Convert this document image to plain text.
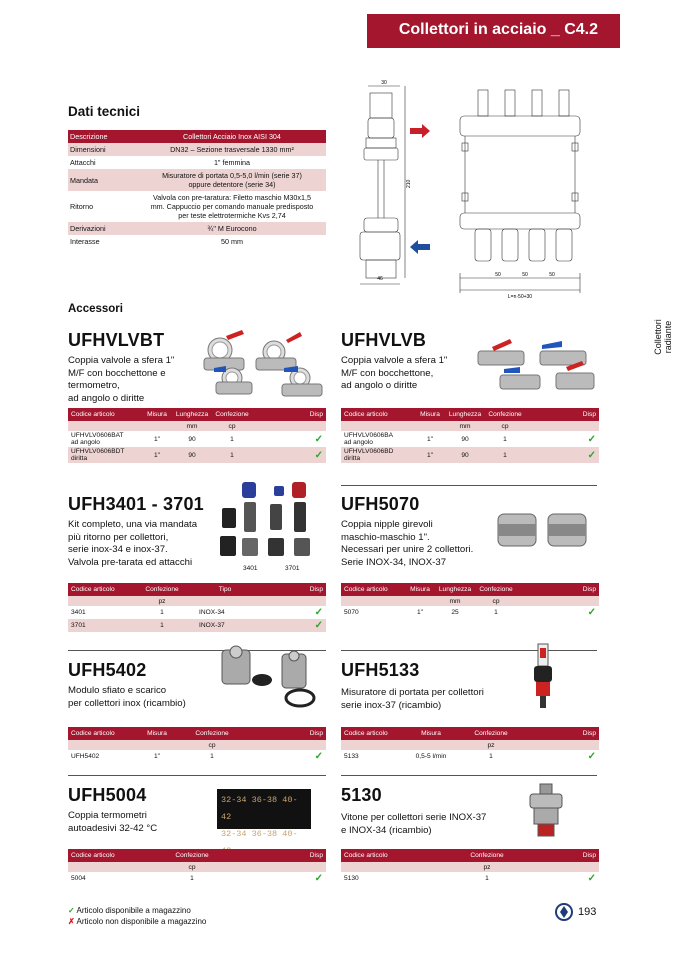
Collettori in acciaio _ C4.2
Collettori radiante
Dati tecnici
Descrizione	Collettori Acciaio Inox AISI 304
Dimensioni	DN32 – Sezione trasversale 1330 mm²
Attacchi	1" femmina
Mandata	Misuratore di portata 0,5-5,0 l/min (serie 37) oppure detentore (serie 34)
Ritorno	Valvola con pre-taratura: Filetto maschio M30x1,5 mm. Cappuccio per comando manuale predisposto per teste elettrotermiche Kvs 2,74
Derivazioni	¾" M Eurocono
Interasse	50 mm
30
210
46
50	50	50
L=n·50+30
Accessori
UFHVLVBT
Coppia valvole a sfera 1"
M/F con bocchettone e
termometro,
ad angolo o diritte
Codice articolo	Misura	Lunghezza	Confezione	Disp
		mm	cp	

UFHVLV0606BAT
ad angolo	1"	90	1	✓

UFHVLV0606BDT
diritta	1"	90	1	✓
UFHVLVB
Coppia valvole a sfera 1"
M/F con bocchettone,
ad angolo o diritte
Codice articolo	Misura	Lunghezza	Confezione	Disp
		mm	cp	

UFHVLV0606BA
ad angolo	1"	90	1	✓

UFHVLV0606BD
diritta	1"	90	1	✓
UFH3401 - 3701
Kit completo, una via mandata
più ritorno per collettori,
serie inox-34 e inox-37.
Valvola pre-tarata ed attacchi
3401	3701
Codice articolo	Confezione	Tipo	Disp
	pz		
3401	1	INOX-34	✓
3701	1	INOX-37	✓
UFH5070
Coppia nipple girevoli
maschio-maschio 1".
Necessari per unire 2 collettori.
Serie INOX-34, INOX-37
Codice articolo	Misura	Lunghezza	Confezione	Disp
		mm	cp	
5070	1"	25	1	✓
UFH5402
Modulo sfiato e scarico
per collettori inox (ricambio)
Codice articolo	Misura	Confezione	Disp
		cp	
UFH5402	1"	1	✓
UFH5133
Misuratore di portata per collettori
serie inox-37 (ricambio)
Codice articolo	Misura	Confezione	Disp
		pz	
5133	0,5-5 l/min	1	✓
UFH5004
Coppia termometri
autoadesivi 32-42 °C
32-34 36-38 40-42
32-34 36-38 40-
Codice articolo	Confezione	Disp
	cp	
5004	1	✓
5130
Vitone per collettori serie INOX-37
e INOX-34 (ricambio)
Codice articolo	Confezione	Disp
	pz	
5130	1	✓
✓ Articolo disponibile a magazzino
✗ Articolo non disponibile a magazzino
193
